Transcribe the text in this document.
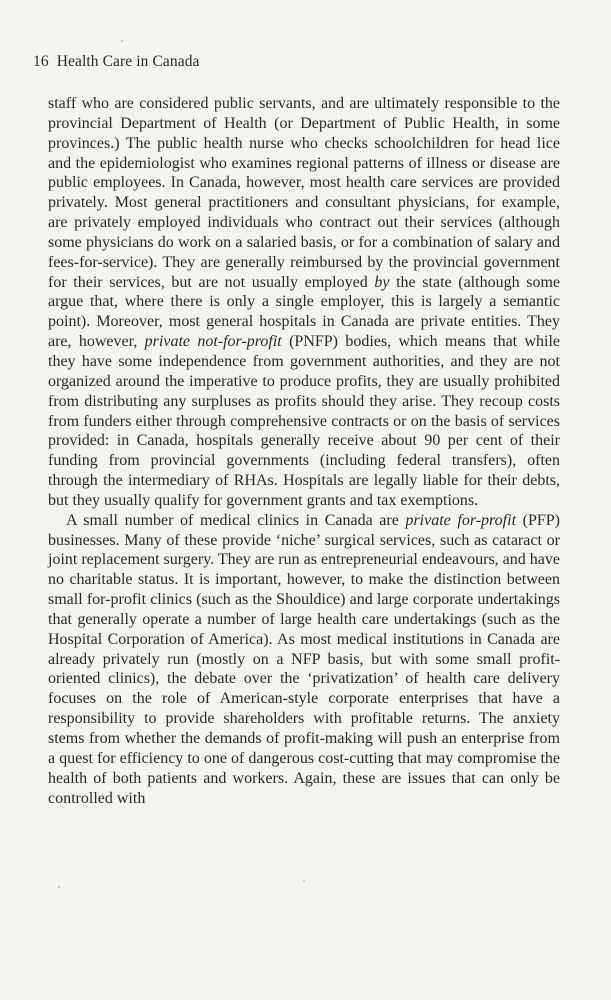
16 Health Care in Canada

staff who are considered public servants, and are ultimately responsible to the provincial Department of Health (or Department of Public Health, in some provinces.) The public health nurse who checks schoolchildren for head lice and the epidemiologist who examines regional patterns of illness or disease are public employees. In Canada, however, most health care services are provided privately. Most general practitioners and consultant physicians, for example, are privately employed individuals who contract out their services (although some physicians do work on a salaried basis, or for a combination of salary and fees-for-service). They are generally reimbursed by the provincial government for their services, but are not usually employed by the state (although some argue that, where there is only a single employer, this is largely a semantic point). Moreover, most general hospitals in Canada are private entities. They are, however, private not-for-profit (PNFP) bodies, which means that while they have some independence from government authorities, and they are not organized around the imperative to produce profits, they are usually prohibited from distributing any surpluses as profits should they arise. They recoup costs from funders either through comprehensive contracts or on the basis of services provided: in Canada, hospitals generally receive about 90 per cent of their funding from provincial governments (including federal transfers), often through the intermediary of RHAs. Hospitals are legally liable for their debts, but they usually qualify for government grants and tax exemptions.

A small number of medical clinics in Canada are private for-profit (PFP) businesses. Many of these provide ‘niche’ surgical services, such as cataract or joint replacement surgery. They are run as entrepreneurial endeavours, and have no charitable status. It is important, however, to make the distinction between small for-profit clinics (such as the Shouldice) and large corporate undertakings that generally operate a number of large health care undertakings (such as the Hospital Corporation of America). As most medical institutions in Canada are already privately run (mostly on a NFP basis, but with some small profit-oriented clinics), the debate over the ‘privatization’ of health care delivery focuses on the role of American-style corporate enterprises that have a responsibility to provide shareholders with profitable returns. The anxiety stems from whether the demands of profit-making will push an enterprise from a quest for efficiency to one of dangerous cost-cutting that may compromise the health of both patients and workers. Again, these are issues that can only be controlled with
